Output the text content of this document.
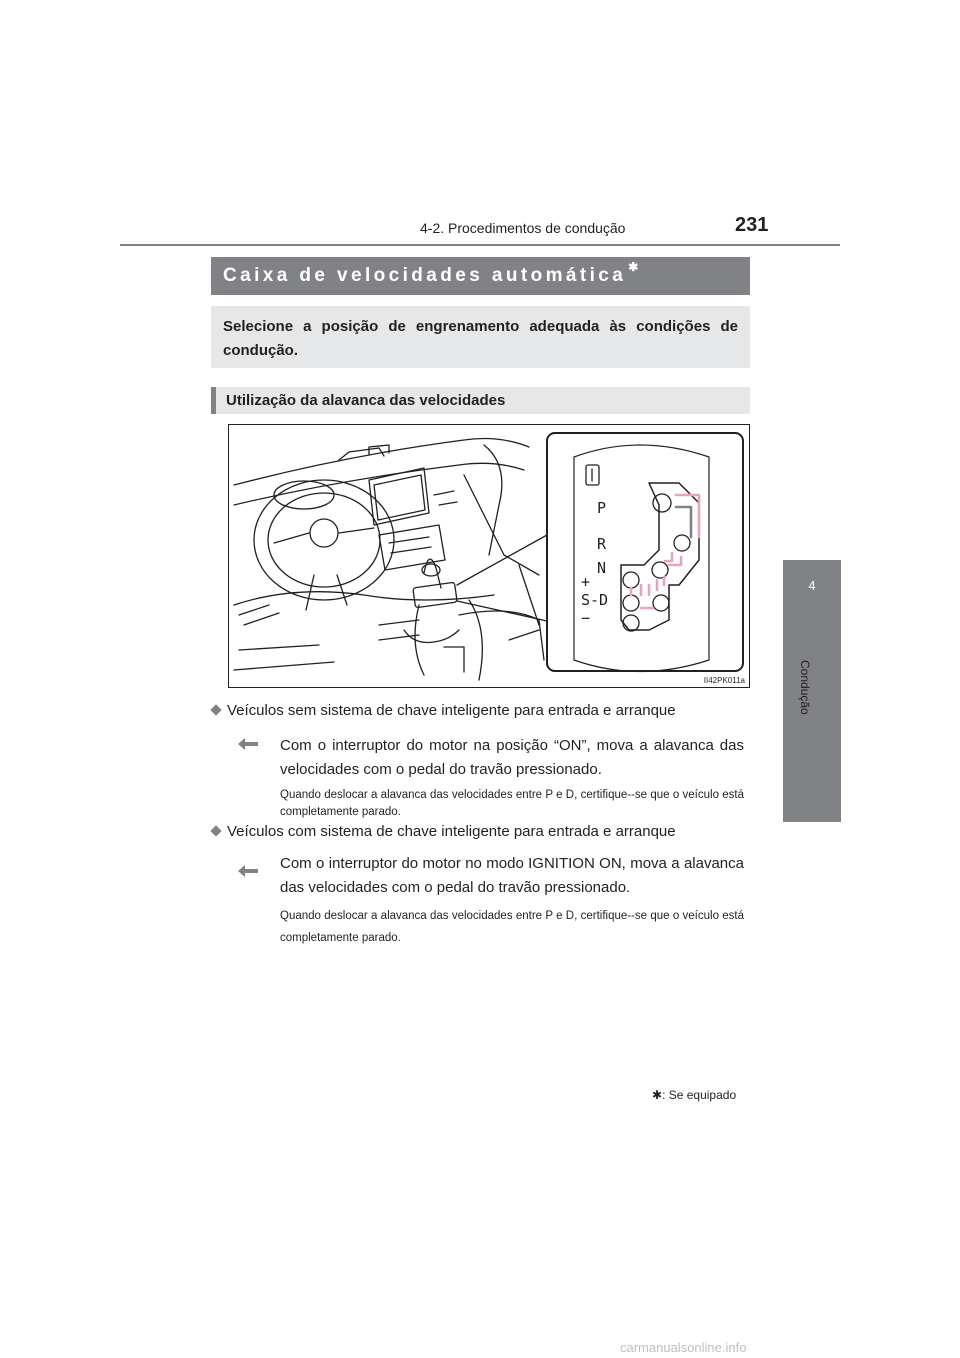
4-2. Procedimentos de condução	231
4
Condução
Caixa de velocidades automática ✱
Selecione a posição de engrenamento adequada às condições de condução.
Utilização da alavanca das velocidades
P
R
N
+
S-D
−
II42PK011a
Veículos sem sistema de chave inteligente para entrada e arranque
Com o interruptor do motor na posição “ON”, mova a alavanca das velocidades com o pedal do travão pressionado.
Quando deslocar a alavanca das velocidades entre P e D, certifique--se que o veículo está completamente parado.
Veículos com sistema de chave inteligente para entrada e arranque
Com o interruptor do motor no modo IGNITION ON, mova a alavanca das velocidades com o pedal do travão pressionado.
Quando deslocar a alavanca das velocidades entre P e D, certifique--se que o veículo está completamente parado.
✱: Se equipado
carmanualsonline.info
